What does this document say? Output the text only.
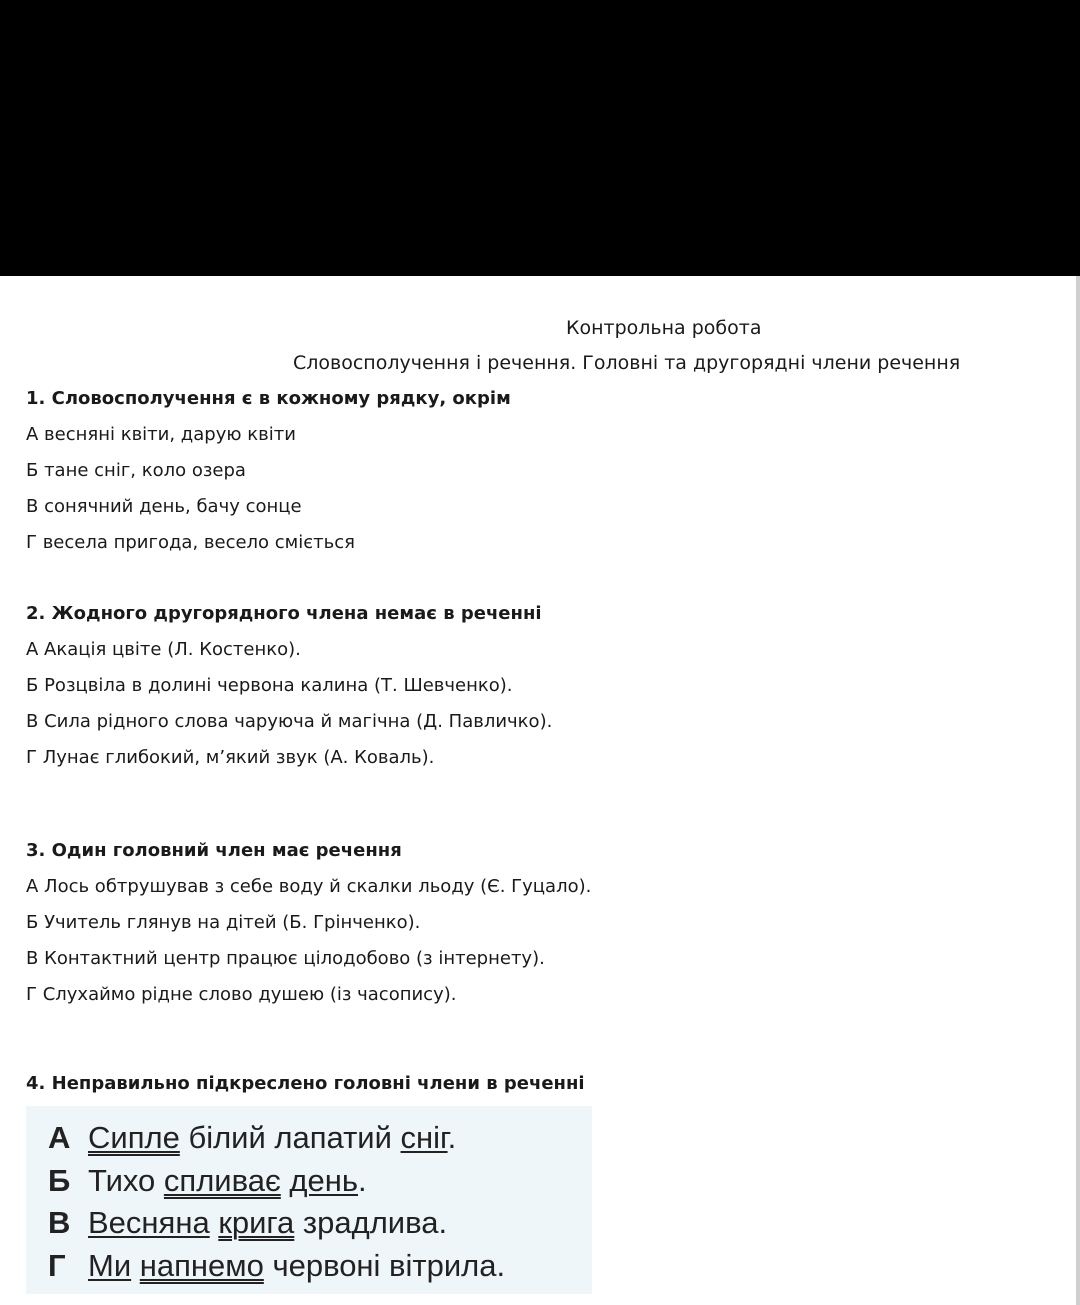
Контрольна робота
Словосполучення і речення. Головні та другорядні члени речення
1. Словосполучення є в кожному рядку, окрім
А весняні квіти, дарую квіти
Б тане сніг, коло озера
В сонячний день, бачу сонце
Г весела пригода, весело сміється
2. Жодного другорядного члена немає в реченні
А Акація цвіте (Л. Костенко).
Б Розцвіла в долині червона калина (Т. Шевченко).
В Сила рідного слова чаруюча й магічна (Д. Павличко).
Г Лунає глибокий, м’який звук (А. Коваль).
3. Один головний член має речення
А Лось обтрушував з себе воду й скалки льоду (Є. Гуцало).
Б Учитель глянув на дітей (Б. Грінченко).
В Контактний центр працює цілодобово (з інтернету).
Г Слухаймо рідне слово душею (із часопису).
4. Неправильно підкреслено головні члени в реченні
А Сипле білий лапатий сніг.
Б Тихо спливає день.
В Весняна крига зрадлива.
Г Ми напнемо червоні вітрила.
